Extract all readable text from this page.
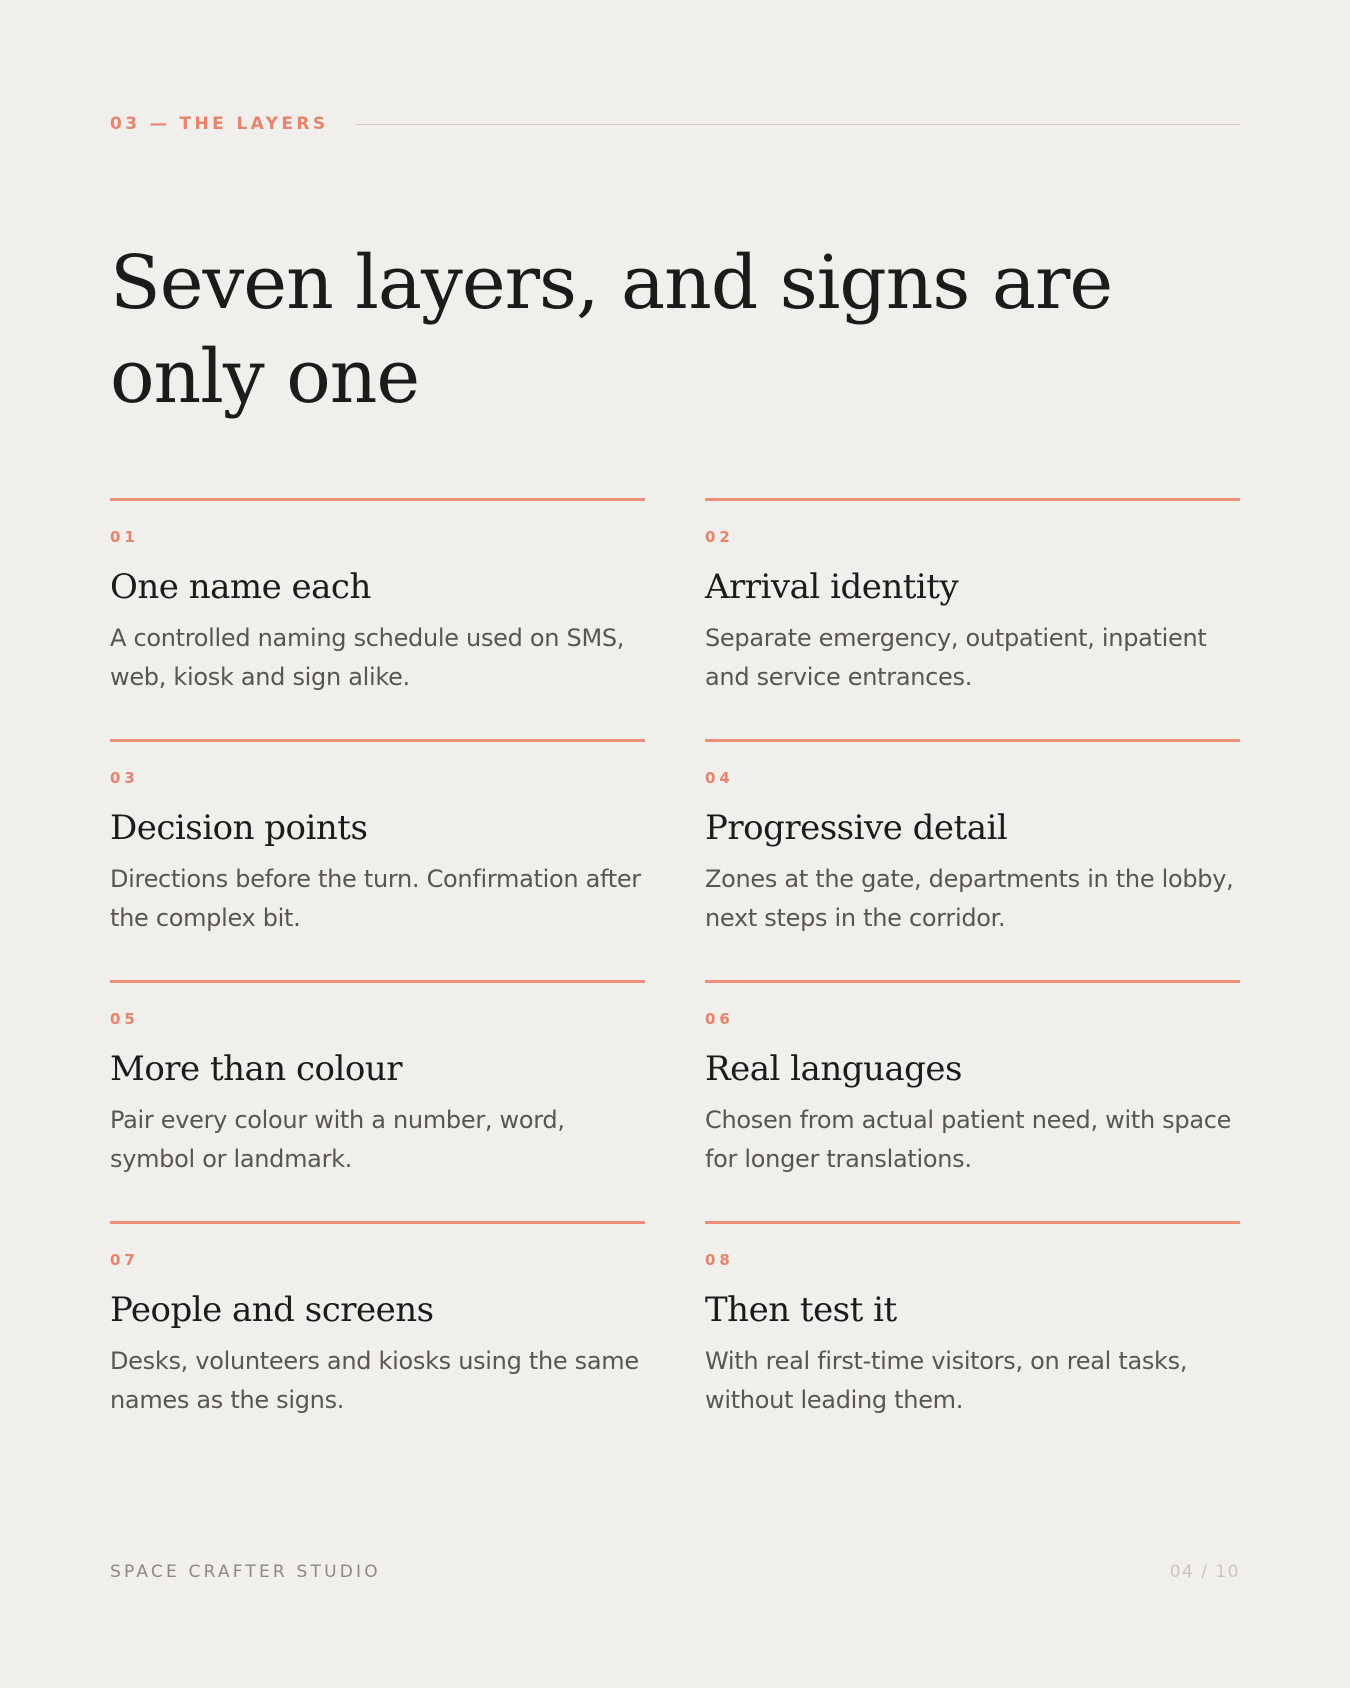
03 — THE LAYERS
Seven layers, and signs are only one
01
One name each

A controlled naming schedule used on SMS, web, kiosk and sign alike.

02
Arrival identity

Separate emergency, outpatient, inpatient and service entrances.

03
Decision points

Directions before the turn. Confirmation after the complex bit.

04
Progressive detail

Zones at the gate, departments in the lobby, next steps in the corridor.

05
More than colour

Pair every colour with a number, word, symbol or landmark.

06
Real languages

Chosen from actual patient need, with space for longer translations.

07
People and screens

Desks, volunteers and kiosks using the same names as the signs.

08
Then test it

With real first-time visitors, on real tasks, without leading them.

SPACE CRAFTER STUDIO	04 / 10
